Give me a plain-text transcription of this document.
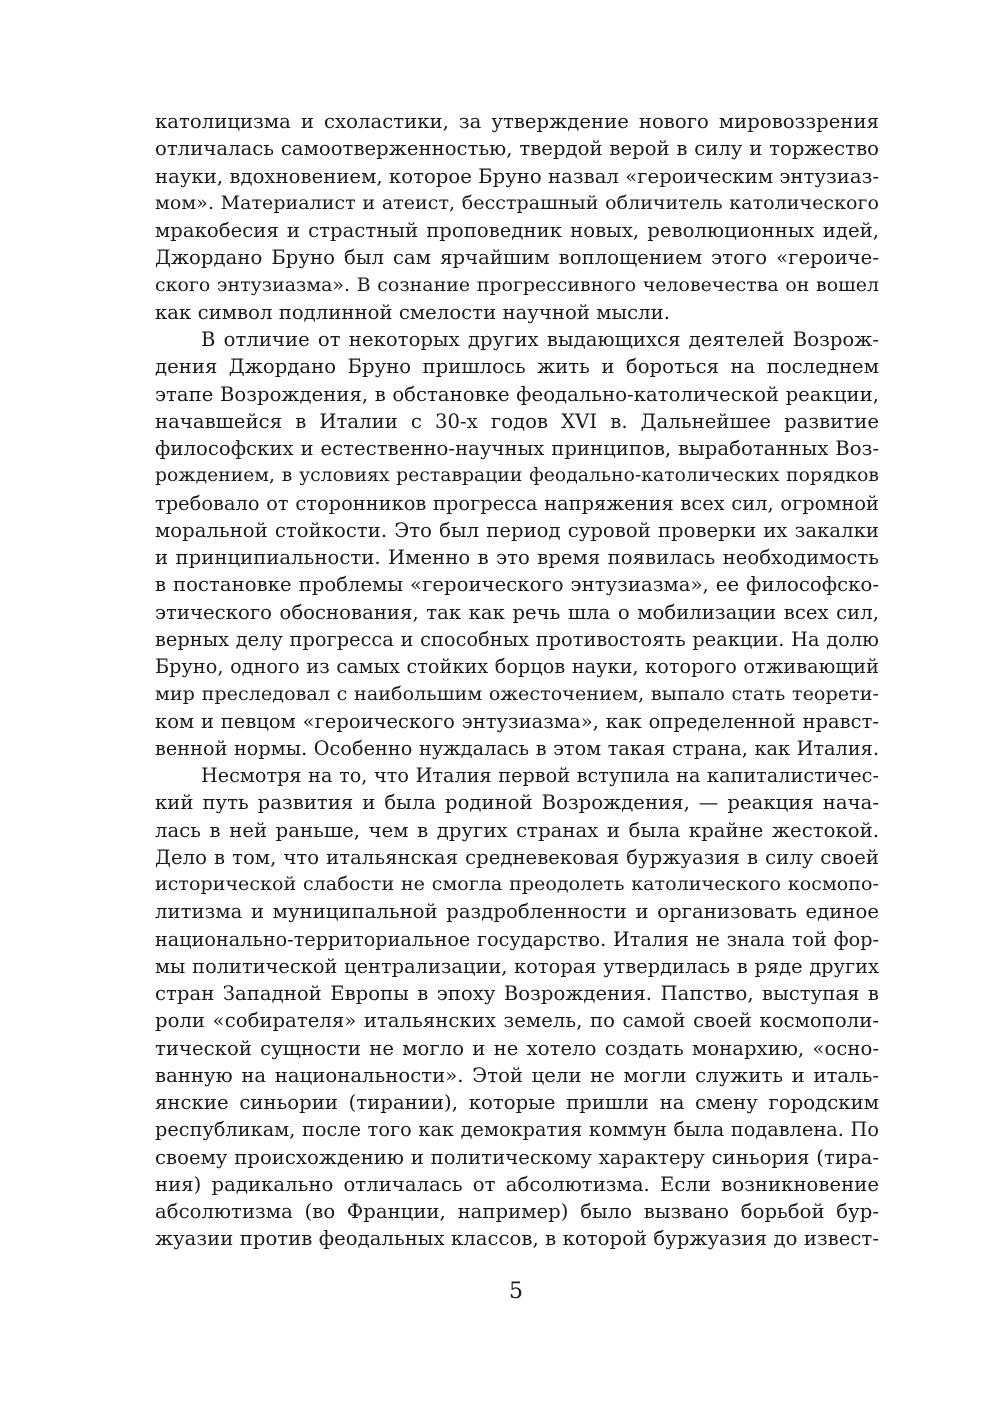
католицизма и схоластики, за утверждение нового мировоззрения
отличалась самоотверженностью, твердой верой в силу и торжество
науки, вдохновением, которое Бруно назвал «героическим энтузиаз-
мом». Материалист и атеист, бесстрашный обличитель католического
мракобесия и страстный проповедник новых, революционных идей,
Джордано Бруно был сам ярчайшим воплощением этого «героиче-
ского энтузиазма». В сознание прогрессивного человечества он вошел
как символ подлинной смелости научной мысли.
В отличие от некоторых других выдающихся деятелей Возрож-
дения Джордано Бруно пришлось жить и бороться на последнем
этапе Возрождения, в обстановке феодально-католической реакции,
начавшейся в Италии с 30-х годов XVI в. Дальнейшее развитие
философских и естественно-научных принципов, выработанных Воз-
рождением, в условиях реставрации феодально-католических порядков
требовало от сторонников прогресса напряжения всех сил, огромной
моральной стойкости. Это был период суровой проверки их закалки
и принципиальности. Именно в это время появилась необходимость
в постановке проблемы «героического энтузиазма», ее философско-
этического обоснования, так как речь шла о мобилизации всех сил,
верных делу прогресса и способных противостоять реакции. На долю
Бруно, одного из самых стойких борцов науки, которого отживающий
мир преследовал с наибольшим ожесточением, выпало стать теорети-
ком и певцом «героического энтузиазма», как определенной нравст-
венной нормы. Особенно нуждалась в этом такая страна, как Италия.
Несмотря на то, что Италия первой вступила на капиталистичес-
кий путь развития и была родиной Возрождения, — реакция нача-
лась в ней раньше, чем в других странах и была крайне жестокой.
Дело в том, что итальянская средневековая буржуазия в силу своей
исторической слабости не смогла преодолеть католического космопо-
литизма и муниципальной раздробленности и организовать единое
национально-территориальное государство. Италия не знала той фор-
мы политической централизации, которая утвердилась в ряде других
стран Западной Европы в эпоху Возрождения. Папство, выступая в
роли «собирателя» итальянских земель, по самой своей космополи-
тической сущности не могло и не хотело создать монархию, «осно-
ванную на национальности». Этой цели не могли служить и италь-
янские синьории (тирании), которые пришли на смену городским
республикам, после того как демократия коммун была подавлена. По
своему происхождению и политическому характеру синьория (тира-
ния) радикально отличалась от абсолютизма. Если возникновение
абсолютизма (во Франции, например) было вызвано борьбой бур-
жуазии против феодальных классов, в которой буржуазия до извест-
5
